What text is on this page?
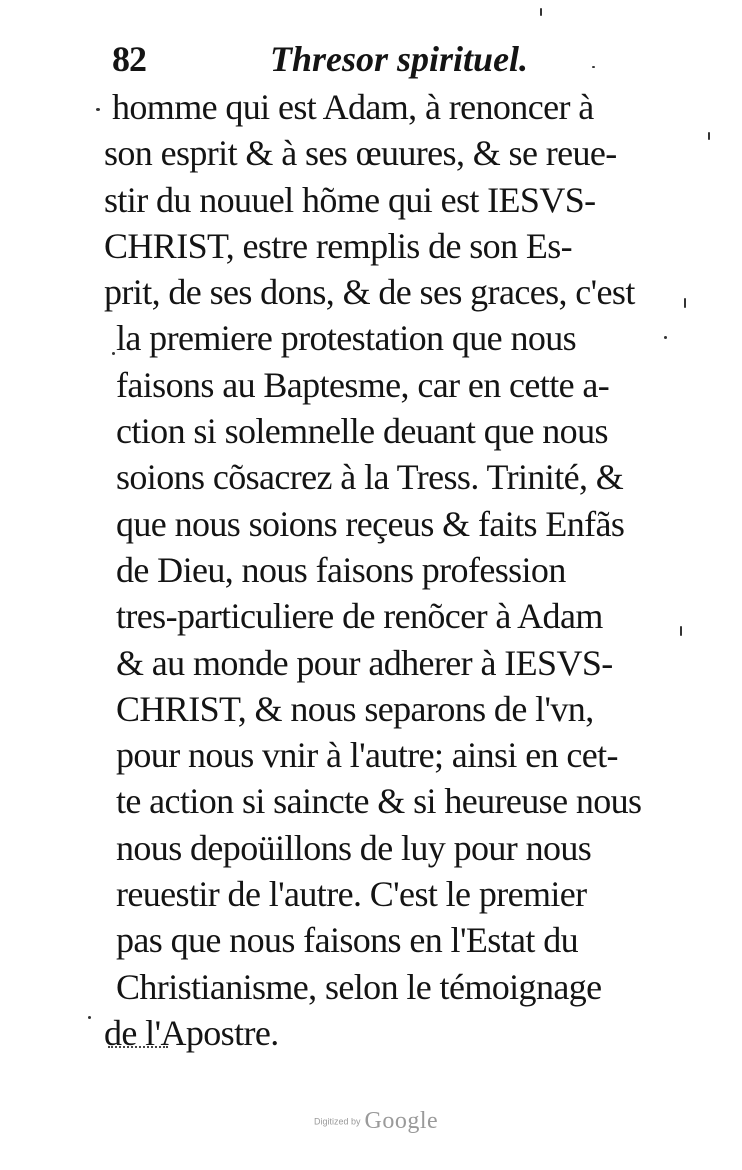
82	Thresor spirituel.
homme qui est Adam, à renoncer à
son esprit & à ses œuures, & se reue-
stir du nouuel hõme qui est IESVS-
CHRIST, estre remplis de son Es-
prit, de ses dons, & de ses graces, c'est
la premiere protestation que nous
faisons au Baptesme, car en cette a-
ction si solemnelle deuant que nous
soions cõsacrez à la Tress. Trinité, &
que nous soions reçeus & faits Enfãs
de Dieu, nous faisons profession
tres-particuliere de renõcer à Adam
& au monde pour adherer à IESVS-
CHRIST, & nous separons de l'vn,
pour nous vnir à l'autre; ainsi en cet-
te action si saincte & si heureuse nous
nous depoüillons de luy pour nous
reuestir de l'autre. C'est le premier
pas que nous faisons en l'Estat du
Christianisme, selon le témoignage
de l'Apostre.
Digitized by Google
